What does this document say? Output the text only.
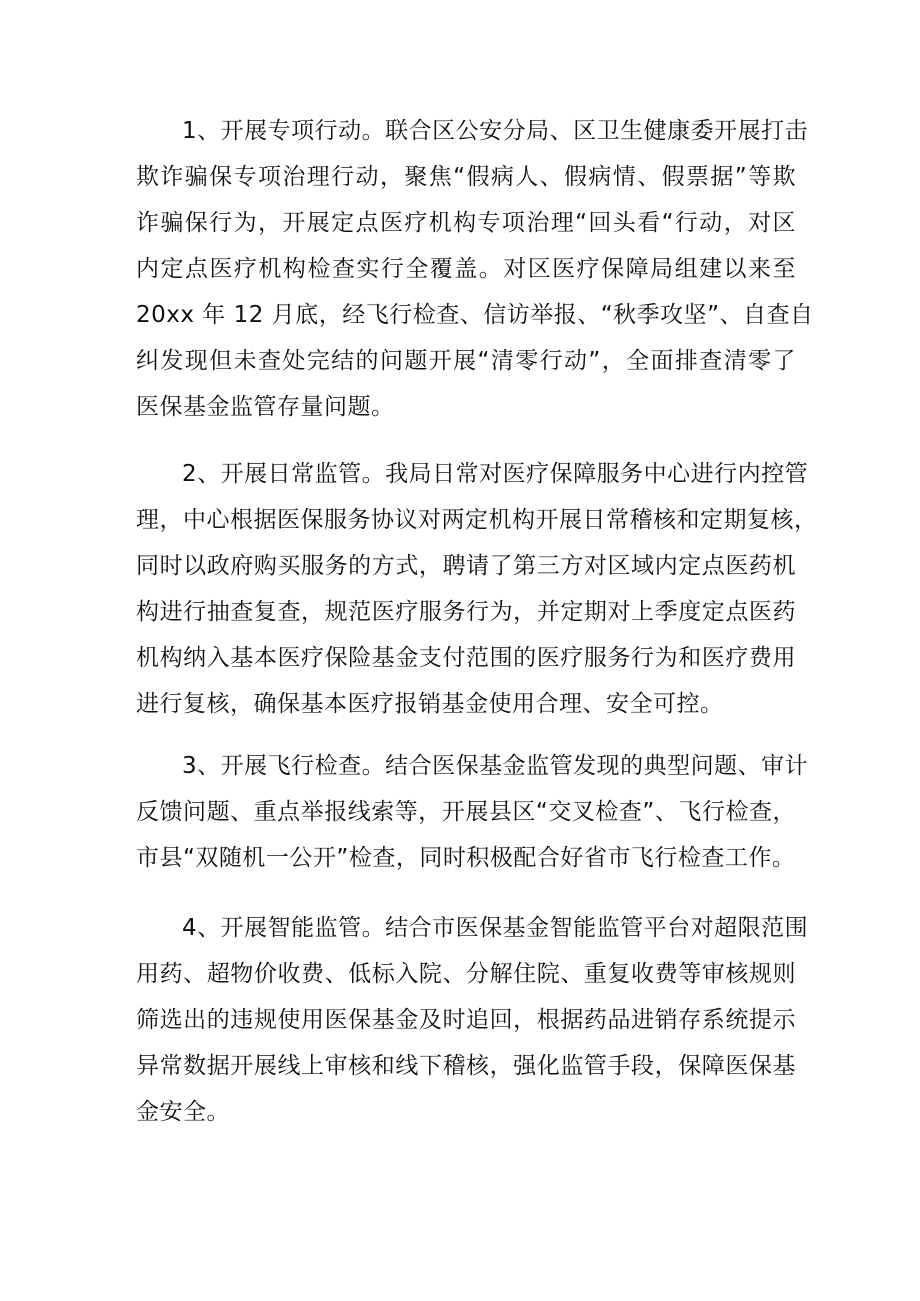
1、开展专项行动。联合区公安分局、区卫生健康委开展打击
欺诈骗保专项治理行动，聚焦“假病人、假病情、假票据”等欺
诈骗保行为，开展定点医疗机构专项治理“回头看“行动，对区
内定点医疗机构检查实行全覆盖。对区医疗保障局组建以来至
20xx 年 12 月底，经飞行检查、信访举报、“秋季攻坚”、自查自
纠发现但未查处完结的问题开展“清零行动”，全面排查清零了
医保基金监管存量问题。
2、开展日常监管。我局日常对医疗保障服务中心进行内控管
理，中心根据医保服务协议对两定机构开展日常稽核和定期复核，
同时以政府购买服务的方式，聘请了第三方对区域内定点医药机
构进行抽查复查，规范医疗服务行为，并定期对上季度定点医药
机构纳入基本医疗保险基金支付范围的医疗服务行为和医疗费用
进行复核，确保基本医疗报销基金使用合理、安全可控。
3、开展飞行检查。结合医保基金监管发现的典型问题、审计
反馈问题、重点举报线索等，开展县区“交叉检查”、飞行检查，
市县“双随机一公开”检查，同时积极配合好省市飞行检查工作。
4、开展智能监管。结合市医保基金智能监管平台对超限范围
用药、超物价收费、低标入院、分解住院、重复收费等审核规则
筛选出的违规使用医保基金及时追回，根据药品进销存系统提示
异常数据开展线上审核和线下稽核，强化监管手段，保障医保基
金安全。
